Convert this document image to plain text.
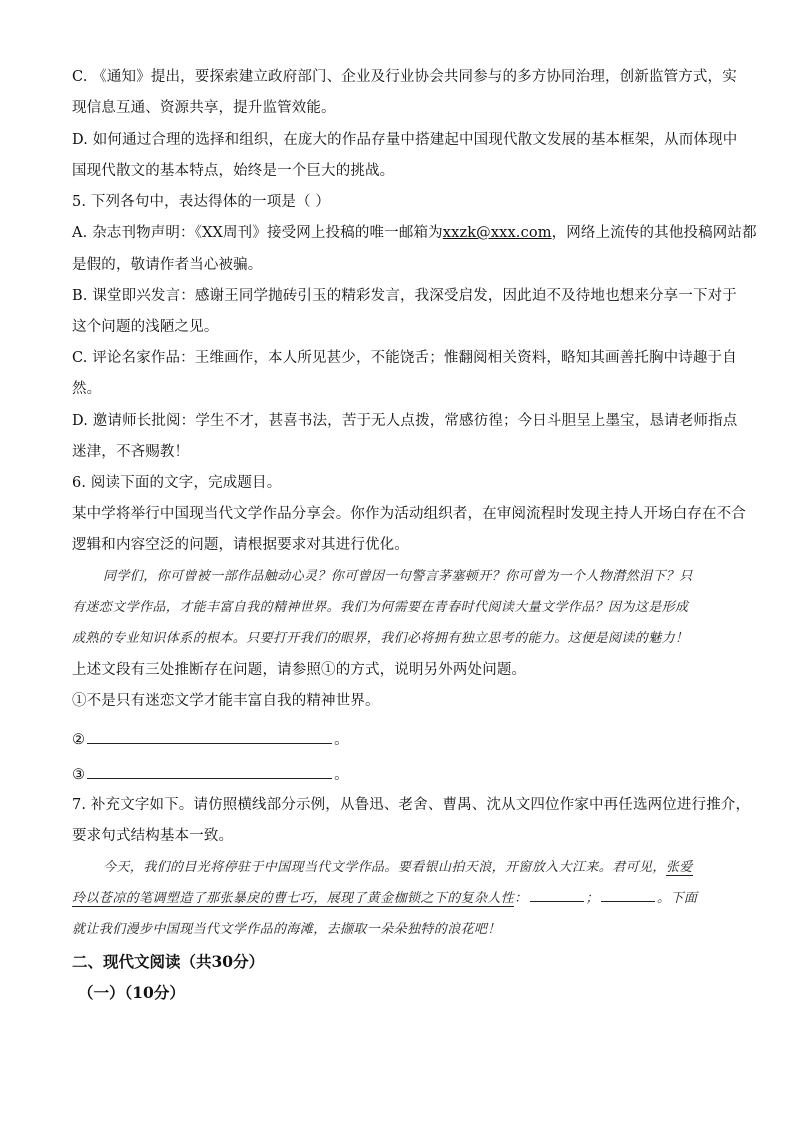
C. 《通知》提出，要探索建立政府部门、企业及行业协会共同参与的多方协同治理，创新监管方式，实
现信息互通、资源共享，提升监管效能。
D. 如何通过合理的选择和组织，在庞大的作品存量中搭建起中国现代散文发展的基本框架，从而体现中
国现代散文的基本特点，始终是一个巨大的挑战。
5. 下列各句中，表达得体的一项是（ ）
A. 杂志刊物声明：《XX周刊》接受网上投稿的唯一邮箱为xxzk@xxx.com，网络上流传的其他投稿网站都
是假的，敬请作者当心被骗。
B. 课堂即兴发言：感谢王同学抛砖引玉的精彩发言，我深受启发，因此迫不及待地也想来分享一下对于
这个问题的浅陋之见。
C. 评论名家作品：王维画作，本人所见甚少，不能饶舌；惟翻阅相关资料，略知其画善托胸中诗趣于自
然。
D. 邀请师长批阅：学生不才，甚喜书法，苦于无人点拨，常感彷徨；今日斗胆呈上墨宝，恳请老师指点
迷津，不吝赐教！
6. 阅读下面的文字，完成题目。
某中学将举行中国现当代文学作品分享会。你作为活动组织者，在审阅流程时发现主持人开场白存在不合
逻辑和内容空泛的问题，请根据要求对其进行优化。
同学们，你可曾被一部作品触动心灵？你可曾因一句警言茅塞顿开？你可曾为一个人物潸然泪下？只
有迷恋文学作品，才能丰富自我的精神世界。我们为何需要在青春时代阅读大量文学作品？因为这是形成
成熟的专业知识体系的根本。只要打开我们的眼界，我们必将拥有独立思考的能力。这便是阅读的魅力！
上述文段有三处推断存在问题，请参照①的方式，说明另外两处问题。
①不是只有迷恋文学才能丰富自我的精神世界。
②	。
③	。
7. 补充文字如下。请仿照横线部分示例，从鲁迅、老舍、曹禺、沈从文四位作家中再任选两位进行推介，
要求句式结构基本一致。
今天，我们的目光将停驻于中国现当代文学作品。要看银山拍天浪，开窗放入大江来。君可见，张爱
玲以苍凉的笔调塑造了那张暴戾的曹七巧，展现了黄金枷锁之下的复杂人性：	；	。下面
就让我们漫步中国现当代文学作品的海滩，去撷取一朵朵独特的浪花吧！
二、现代文阅读（共30分）
（一）（10分）
